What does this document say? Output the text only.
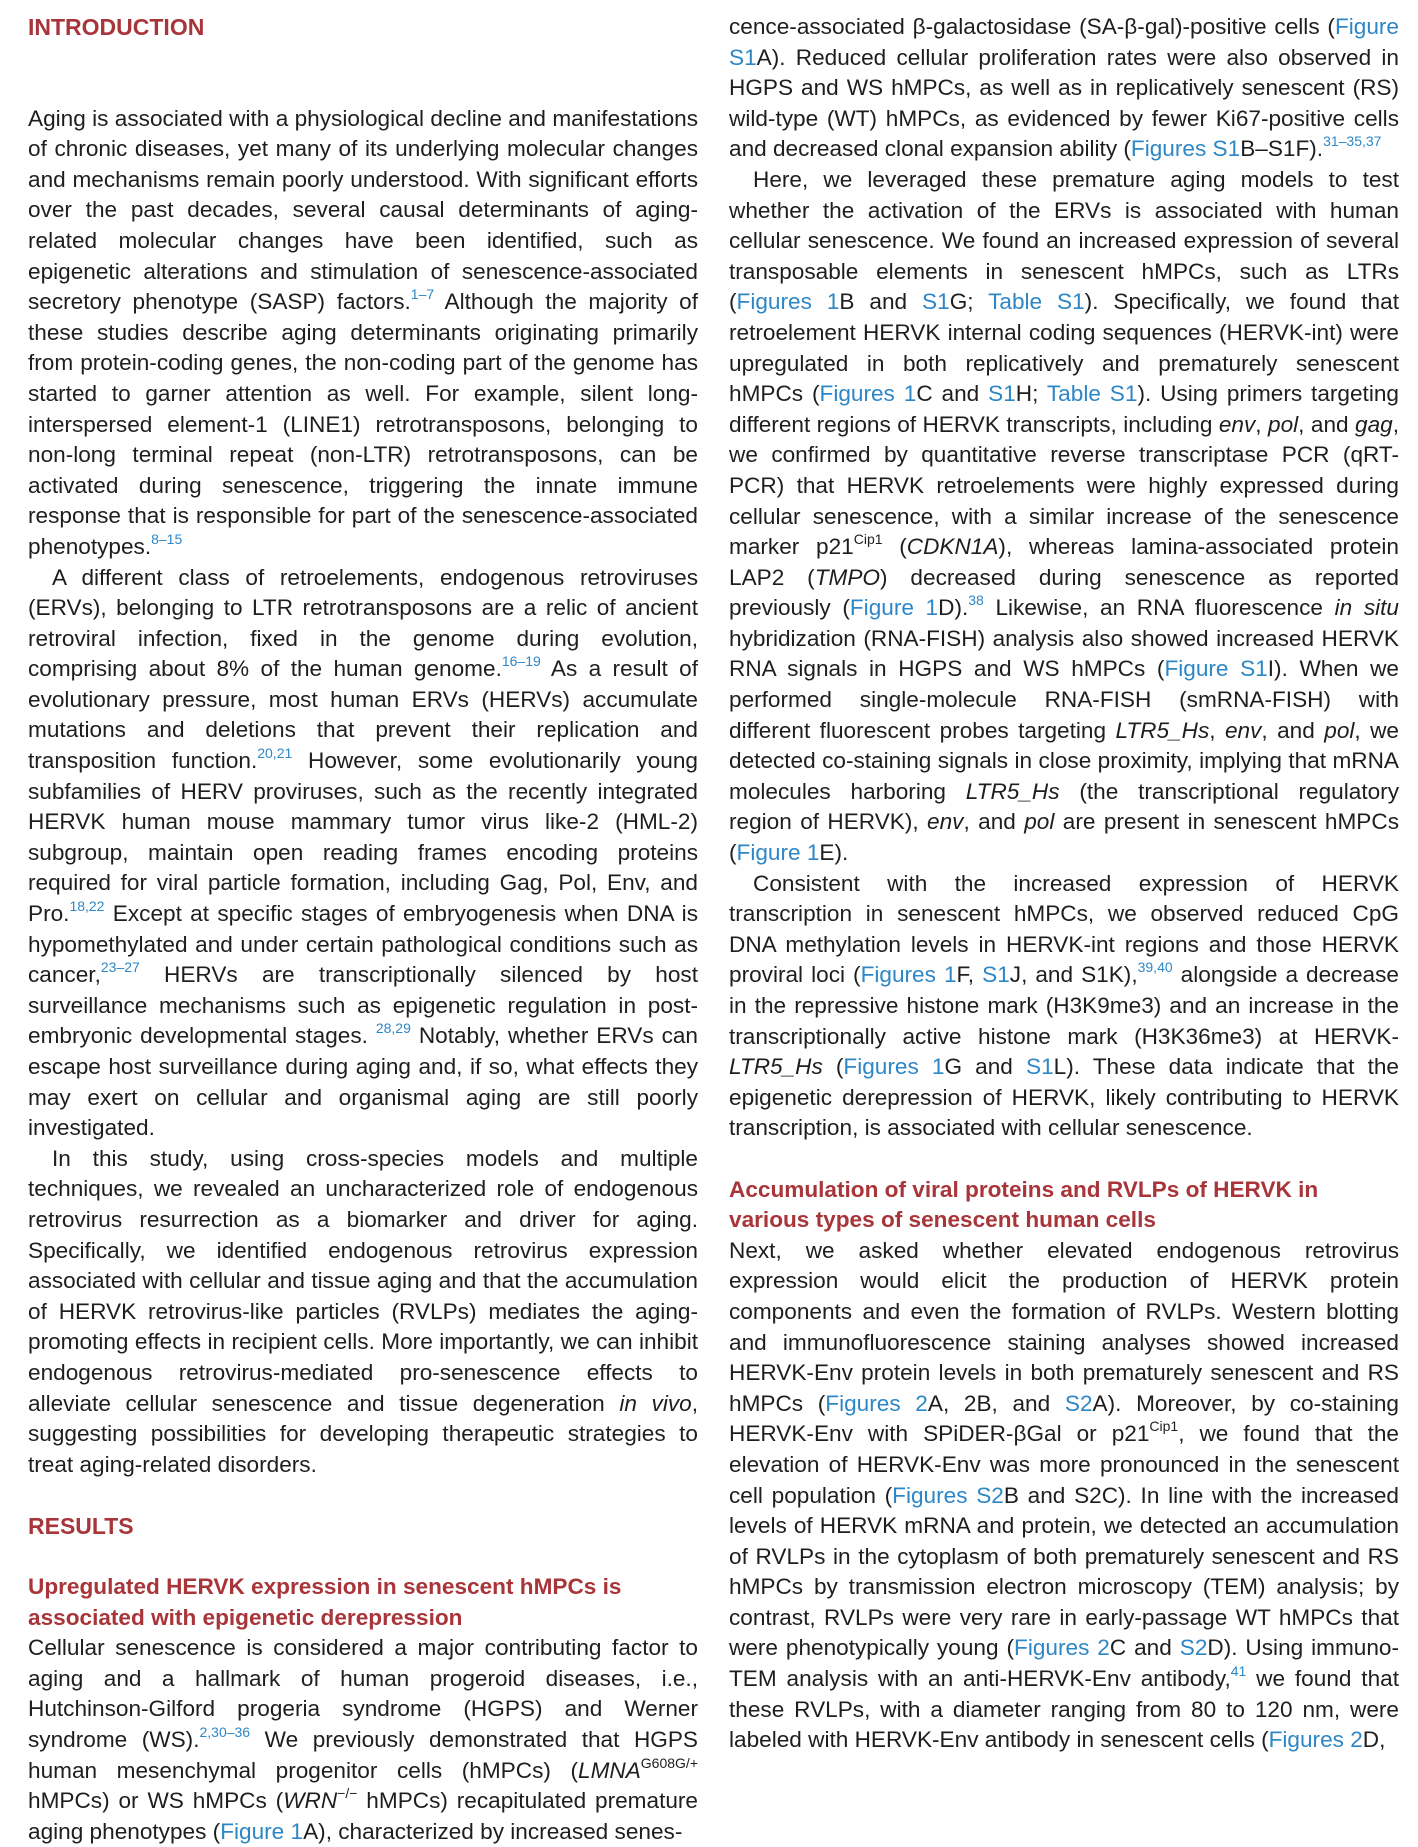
INTRODUCTION

Aging is associated with a physiological decline and manifestations of chronic diseases, yet many of its underlying molecular changes and mechanisms remain poorly understood. With significant efforts over the past decades, several causal determinants of aging-related molecular changes have been identified, such as epigenetic alterations and stimulation of senescence-associated secretory phenotype (SASP) factors.$^{1-7}$ Although the majority of these studies describe aging determinants originating primarily from protein-coding genes, the non-coding part of the genome has started to garner attention as well. For example, silent long-interspersed element-1 (LINE1) retrotransposons, belonging to non-long terminal repeat (non-LTR) retrotransposons, can be activated during senescence, triggering the innate immune response that is responsible for part of the senescence-associated phenotypes.$^{8-15}$

A different class of retroelements, endogenous retroviruses (ERVs), belonging to LTR retrotransposons are a relic of ancient retroviral infection, fixed in the genome during evolution, comprising about 8% of the human genome.$^{16-19}$ As a result of evolutionary pressure, most human ERVs (HERVs) accumulate mutations and deletions that prevent their replication and transposition function.$^{20,21}$ However, some evolutionarily young subfamilies of HERV proviruses, such as the recently integrated HERVK human mouse mammary tumor virus like-2 (HML-2) subgroup, maintain open reading frames encoding proteins required for viral particle formation, including Gag, Pol, Env, and Pro.$^{18,22}$ Except at specific stages of embryogenesis when DNA is hypomethylated and under certain pathological conditions such as cancer,$^{23-27}$ HERVs are transcriptionally silenced by host surveillance mechanisms such as epigenetic regulation in post-embryonic developmental stages. $^{28,29}$ Notably, whether ERVs can escape host surveillance during aging and, if so, what effects they may exert on cellular and organismal aging are still poorly investigated.

In this study, using cross-species models and multiple techniques, we revealed an uncharacterized role of endogenous retrovirus resurrection as a biomarker and driver for aging. Specifically, we identified endogenous retrovirus expression associated with cellular and tissue aging and that the accumulation of HERVK retrovirus-like particles (RVLPs) mediates the aging-promoting effects in recipient cells. More importantly, we can inhibit endogenous retrovirus-mediated pro-senescence effects to alleviate cellular senescence and tissue degeneration in vivo, suggesting possibilities for developing therapeutic strategies to treat aging-related disorders.

RESULTS
Upregulated HERVK expression in senescent hMPCs is associated with epigenetic derepression

Cellular senescence is considered a major contributing factor to aging and a hallmark of human progeroid diseases, i.e., Hutchinson-Gilford progeria syndrome (HGPS) and Werner syndrome (WS).$^{2,30-36}$ We previously demonstrated that HGPS human mesenchymal progenitor cells (hMPCs) ($LMNA^{G608G/+}$ hMPCs) or WS hMPCs (WRN−/− hMPCs) recapitulated premature aging phenotypes (Figure 1A), characterized by increased senes-

cence-associated β-galactosidase (SA-β-gal)-positive cells (Figure S1A). Reduced cellular proliferation rates were also observed in HGPS and WS hMPCs, as well as in replicatively senescent (RS) wild-type (WT) hMPCs, as evidenced by fewer Ki67-positive cells and decreased clonal expansion ability (Figures S1B–S1F).$^{31-35,37}$

Here, we leveraged these premature aging models to test whether the activation of the ERVs is associated with human cellular senescence. We found an increased expression of several transposable elements in senescent hMPCs, such as LTRs (Figures 1B and S1G; Table S1). Specifically, we found that retroelement HERVK internal coding sequences (HERVK-int) were upregulated in both replicatively and prematurely senescent hMPCs (Figures 1C and S1H; Table S1). Using primers targeting different regions of HERVK transcripts, including env, pol, and gag, we confirmed by quantitative reverse transcriptase PCR (qRT-PCR) that HERVK retroelements were highly expressed during cellular senescence, with a similar increase of the senescence marker $p21^{Cip1}$ (CDKN1A), whereas lamina-associated protein LAP2 (TMPO) decreased during senescence as reported previously (Figure 1D).$^{38}$ Likewise, an RNA fluorescence in situ hybridization (RNA-FISH) analysis also showed increased HERVK RNA signals in HGPS and WS hMPCs (Figure S1I). When we performed single-molecule RNA-FISH (smRNA-FISH) with different fluorescent probes targeting LTR5_Hs, env, and pol, we detected co-staining signals in close proximity, implying that mRNA molecules harboring LTR5_Hs (the transcriptional regulatory region of HERVK), env, and pol are present in senescent hMPCs (Figure 1E).

Consistent with the increased expression of HERVK transcription in senescent hMPCs, we observed reduced CpG DNA methylation levels in HERVK-int regions and those HERVK proviral loci (Figures 1F, S1J, and S1K),$^{39,40}$ alongside a decrease in the repressive histone mark (H3K9me3) and an increase in the transcriptionally active histone mark (H3K36me3) at HERVK-LTR5_Hs (Figures 1G and S1L). These data indicate that the epigenetic derepression of HERVK, likely contributing to HERVK transcription, is associated with cellular senescence.

Accumulation of viral proteins and RVLPs of HERVK in various types of senescent human cells

Next, we asked whether elevated endogenous retrovirus expression would elicit the production of HERVK protein components and even the formation of RVLPs. Western blotting and immunofluorescence staining analyses showed increased HERVK-Env protein levels in both prematurely senescent and RS hMPCs (Figures 2A, 2B, and S2A). Moreover, by co-staining HERVK-Env with SPiDER-βGal or $p21^{Cip1}$, we found that the elevation of HERVK-Env was more pronounced in the senescent cell population (Figures S2B and S2C). In line with the increased levels of HERVK mRNA and protein, we detected an accumulation of RVLPs in the cytoplasm of both prematurely senescent and RS hMPCs by transmission electron microscopy (TEM) analysis; by contrast, RVLPs were very rare in early-passage WT hMPCs that were phenotypically young (Figures 2C and S2D). Using immuno-TEM analysis with an anti-HERVK-Env antibody,$^{41}$ we found that these RVLPs, with a diameter ranging from 80 to 120 nm, were labeled with HERVK-Env antibody in senescent cells (Figures 2D,
